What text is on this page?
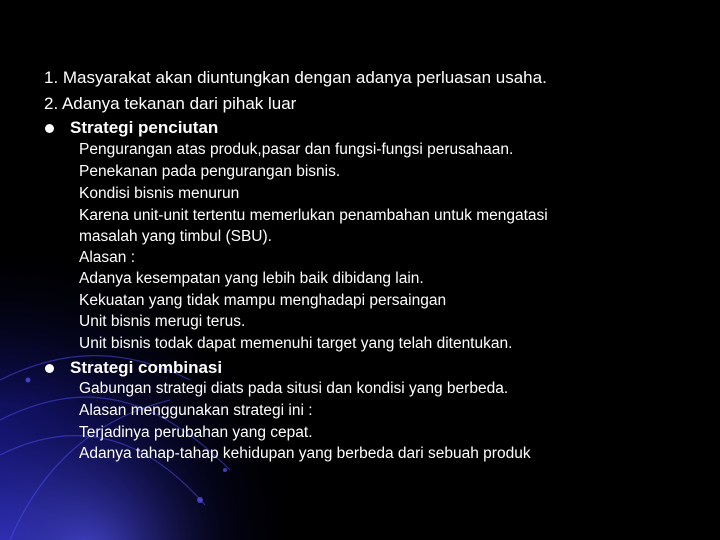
1. Masyarakat akan diuntungkan dengan adanya perluasan usaha.
2. Adanya tekanan dari pihak luar
Strategi penciutan
Pengurangan atas produk,pasar dan fungsi-fungsi perusahaan.
Penekanan pada pengurangan bisnis.
Kondisi bisnis menurun
Karena unit-unit tertentu memerlukan penambahan untuk mengatasi
masalah yang timbul (SBU).
Alasan :
Adanya kesempatan yang lebih baik dibidang lain.
Kekuatan yang tidak mampu menghadapi persaingan
Unit bisnis merugi terus.
Unit bisnis todak dapat memenuhi target yang telah ditentukan.
Strategi combinasi
Gabungan strategi diats pada situsi dan kondisi yang berbeda.
Alasan menggunakan strategi ini :
Terjadinya perubahan yang cepat.
Adanya tahap-tahap kehidupan yang berbeda dari sebuah produk
